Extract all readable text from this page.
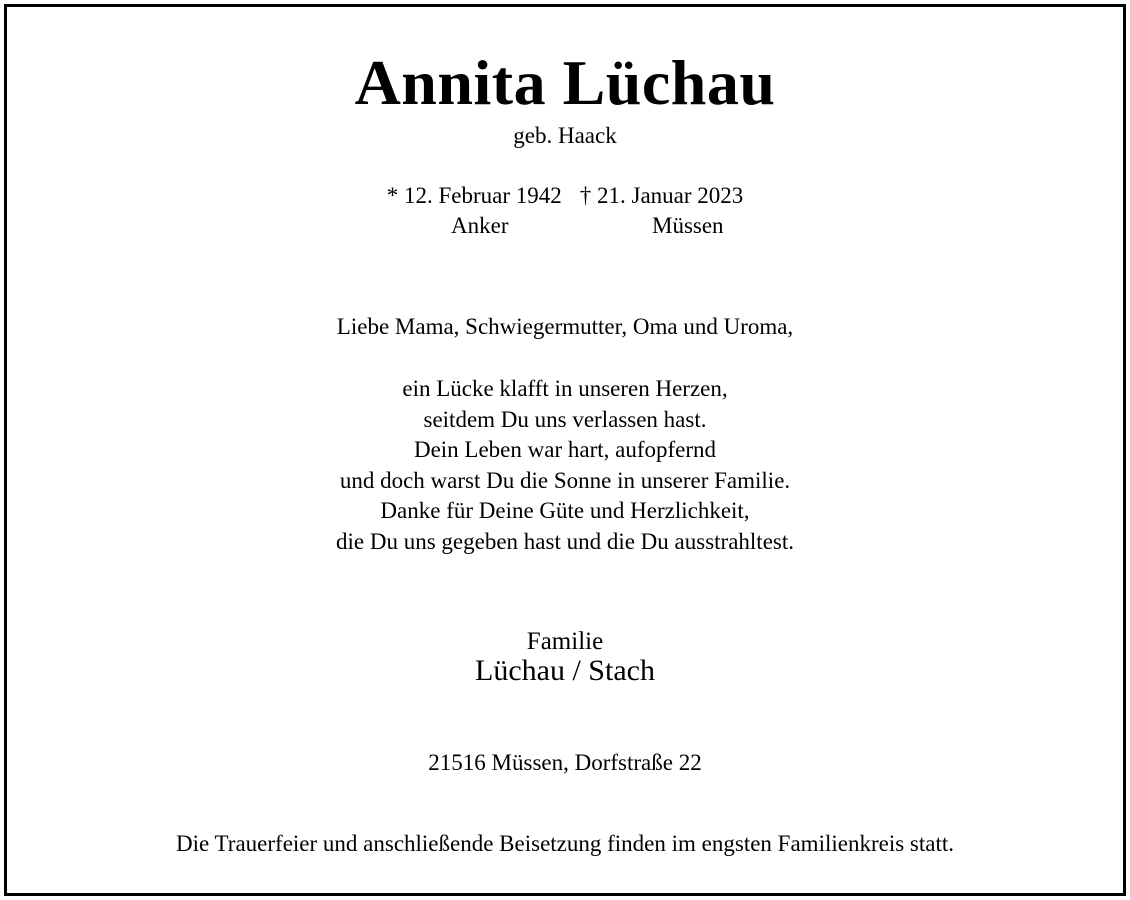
Annita Lüchau
geb. Haack
* 12. Februar 1942 † 21. Januar 2023
Anker	Müssen
Liebe Mama, Schwiegermutter, Oma und Uroma,
ein Lücke klafft in unseren Herzen,
seitdem Du uns verlassen hast.
Dein Leben war hart, aufopfernd
und doch warst Du die Sonne in unserer Familie.
Danke für Deine Güte und Herzlichkeit,
die Du uns gegeben hast und die Du ausstrahltest.
Familie
Lüchau / Stach
21516 Müssen, Dorfstraße 22
Die Trauerfeier und anschließende Beisetzung finden im engsten Familienkreis statt.
